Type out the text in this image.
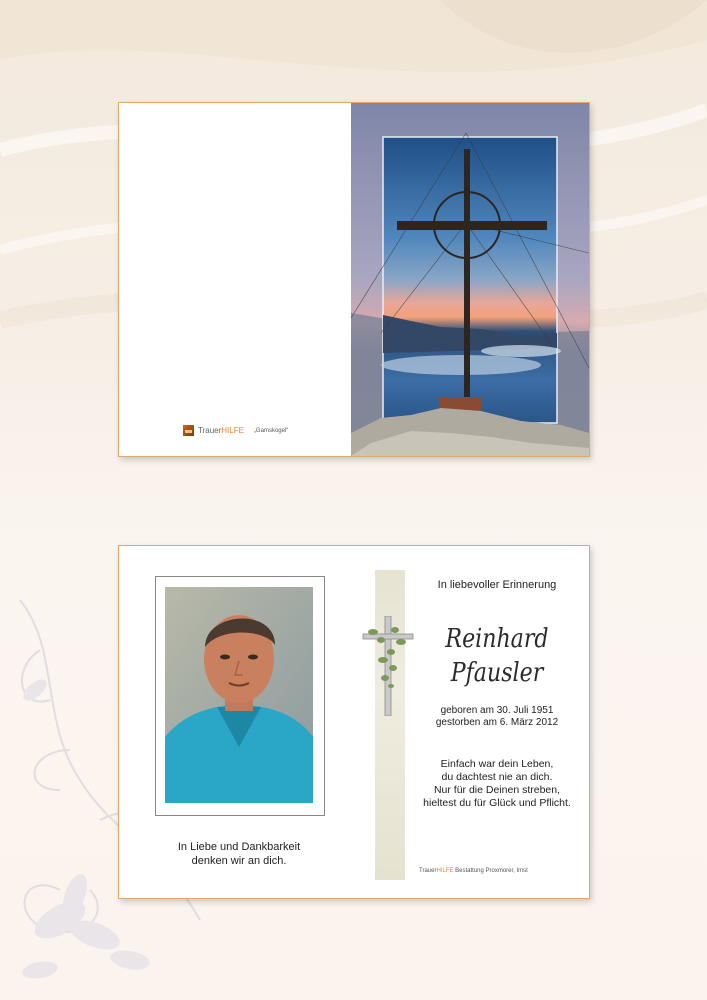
Trauer HILFE „Gamskogel“
In Liebe und Dankbarkeit
denken wir an dich.
In liebevoller Erinnerung
Reinhard
Pfausler
geboren am 30. Juli 1951
gestorben am 6. März 2012
Einfach war dein Leben,
du dachtest nie an dich.
Nur für die Deinen streben,
hieltest du für Glück und Pflicht.
TrauerHILFE Bestattung Proxmorer, Imst
